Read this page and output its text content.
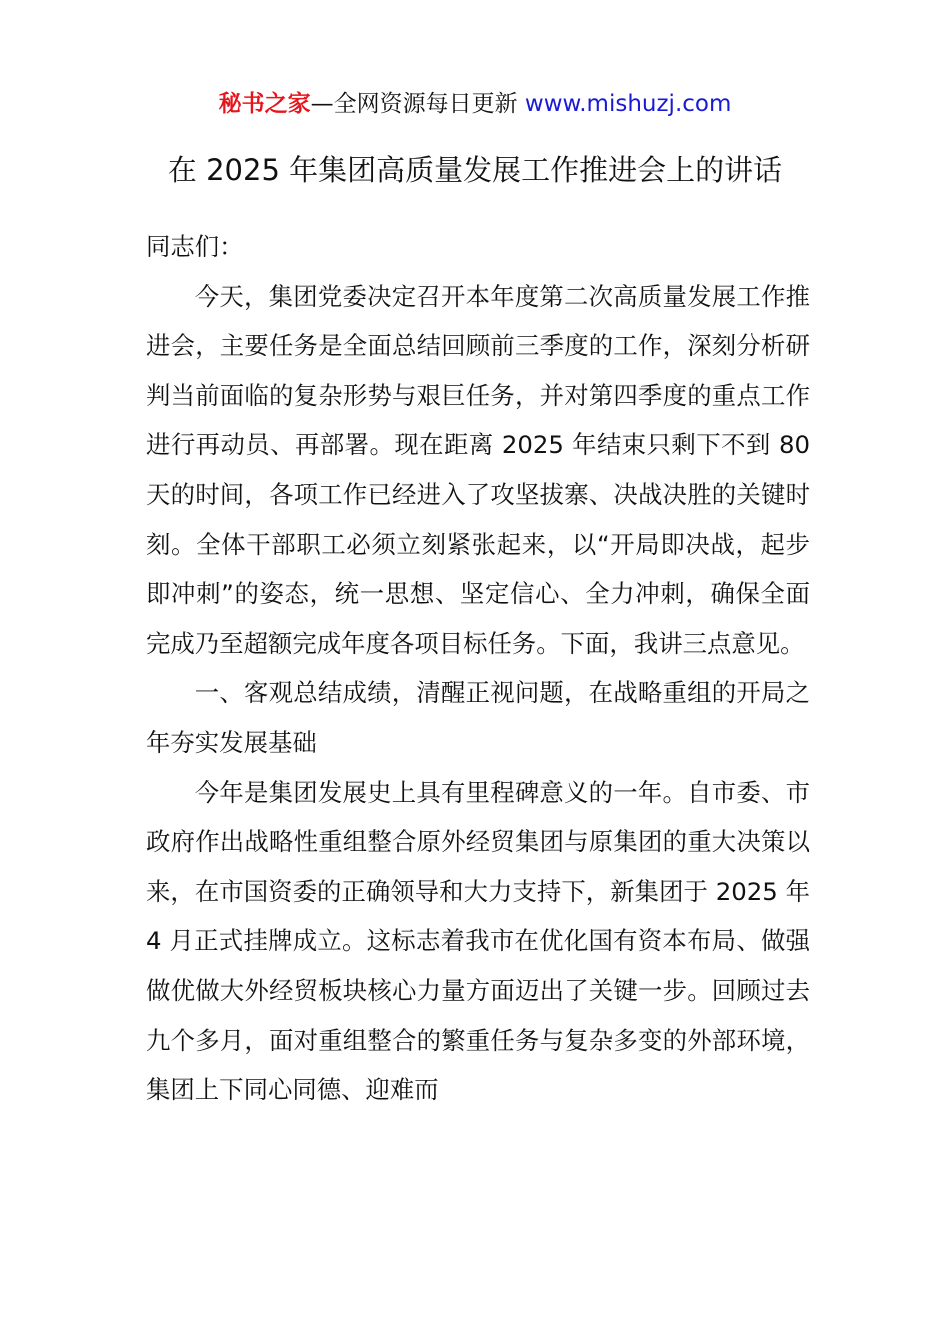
秘书之家—全网资源每日更新 www.mishuzj.com
在 2025 年集团高质量发展工作推进会上的讲话

同志们：

今天，集团党委决定召开本年度第二次高质量发展工作推进会，主要任务是全面总结回顾前三季度的工作，深刻分析研判当前面临的复杂形势与艰巨任务，并对第四季度的重点工作进行再动员、再部署。现在距离 2025 年结束只剩下不到 80 天的时间，各项工作已经进入了攻坚拔寨、决战决胜的关键时刻。全体干部职工必须立刻紧张起来，以“开局即决战，起步即冲刺”的姿态，统一思想、坚定信心、全力冲刺，确保全面完成乃至超额完成年度各项目标任务。下面，我讲三点意见。

一、客观总结成绩，清醒正视问题，在战略重组的开局之年夯实发展基础

今年是集团发展史上具有里程碑意义的一年。自市委、市政府作出战略性重组整合原外经贸集团与原集团的重大决策以来，在市国资委的正确领导和大力支持下，新集团于 2025 年 4 月正式挂牌成立。这标志着我市在优化国有资本布局、做强做优做大外经贸板块核心力量方面迈出了关键一步。回顾过去九个多月，面对重组整合的繁重任务与复杂多变的外部环境，集团上下同心同德、迎难而
